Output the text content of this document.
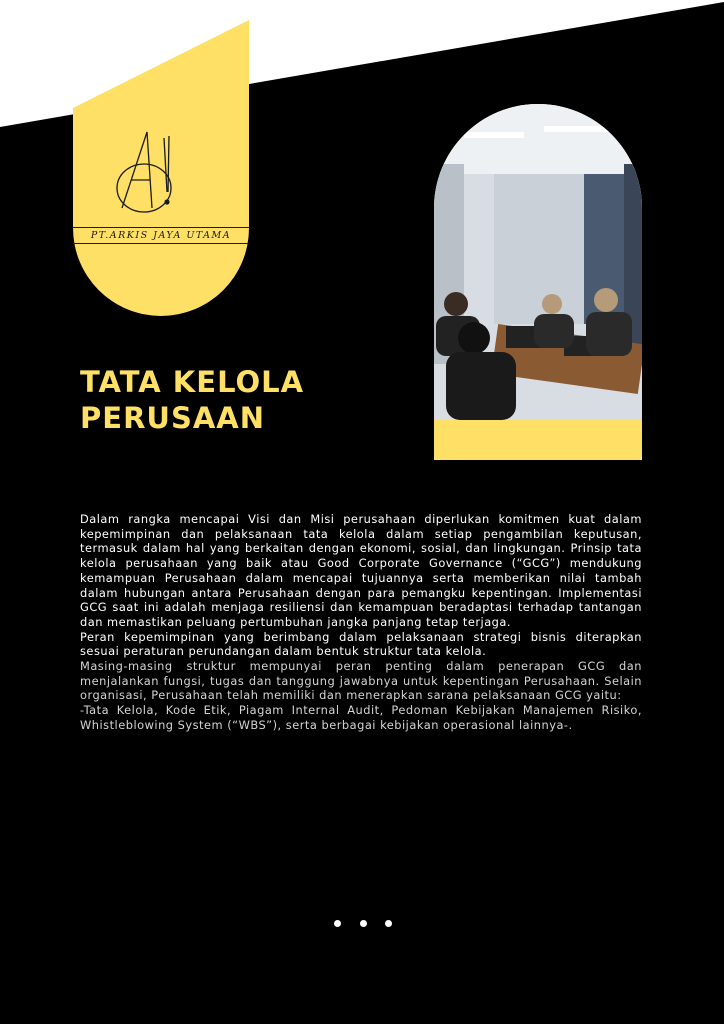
PT.ARKIS JAYA UTAMA
TATA KELOLA
PERUSAAN

Dalam rangka mencapai Visi dan Misi perusahaan diperlukan komitmen kuat dalam kepemimpinan dan pelaksanaan tata kelola dalam setiap pengambilan keputusan, termasuk dalam hal yang berkaitan dengan ekonomi, sosial, dan lingkungan. Prinsip tata kelola perusahaan yang baik atau Good Corporate Governance (“GCG”) mendukung kemampuan Perusahaan dalam mencapai tujuannya serta memberikan nilai tambah dalam hubungan antara Perusahaan dengan para pemangku kepentingan. Implementasi GCG saat ini adalah menjaga resiliensi dan kemampuan beradaptasi terhadap tantangan dan memastikan peluang pertumbuhan jangka panjang tetap terjaga.

Peran kepemimpinan yang berimbang dalam pelaksanaan strategi bisnis diterapkan sesuai peraturan perundangan dalam bentuk struktur tata kelola.

Masing-masing struktur mempunyai peran penting dalam penerapan GCG dan menjalankan fungsi, tugas dan tanggung jawabnya untuk kepentingan Perusahaan. Selain organisasi, Perusahaan telah memiliki dan menerapkan sarana pelaksanaan GCG yaitu:

-Tata Kelola, Kode Etik, Piagam Internal Audit, Pedoman Kebijakan Manajemen Risiko, Whistleblowing System (“WBS”), serta berbagai kebijakan operasional lainnya-.
